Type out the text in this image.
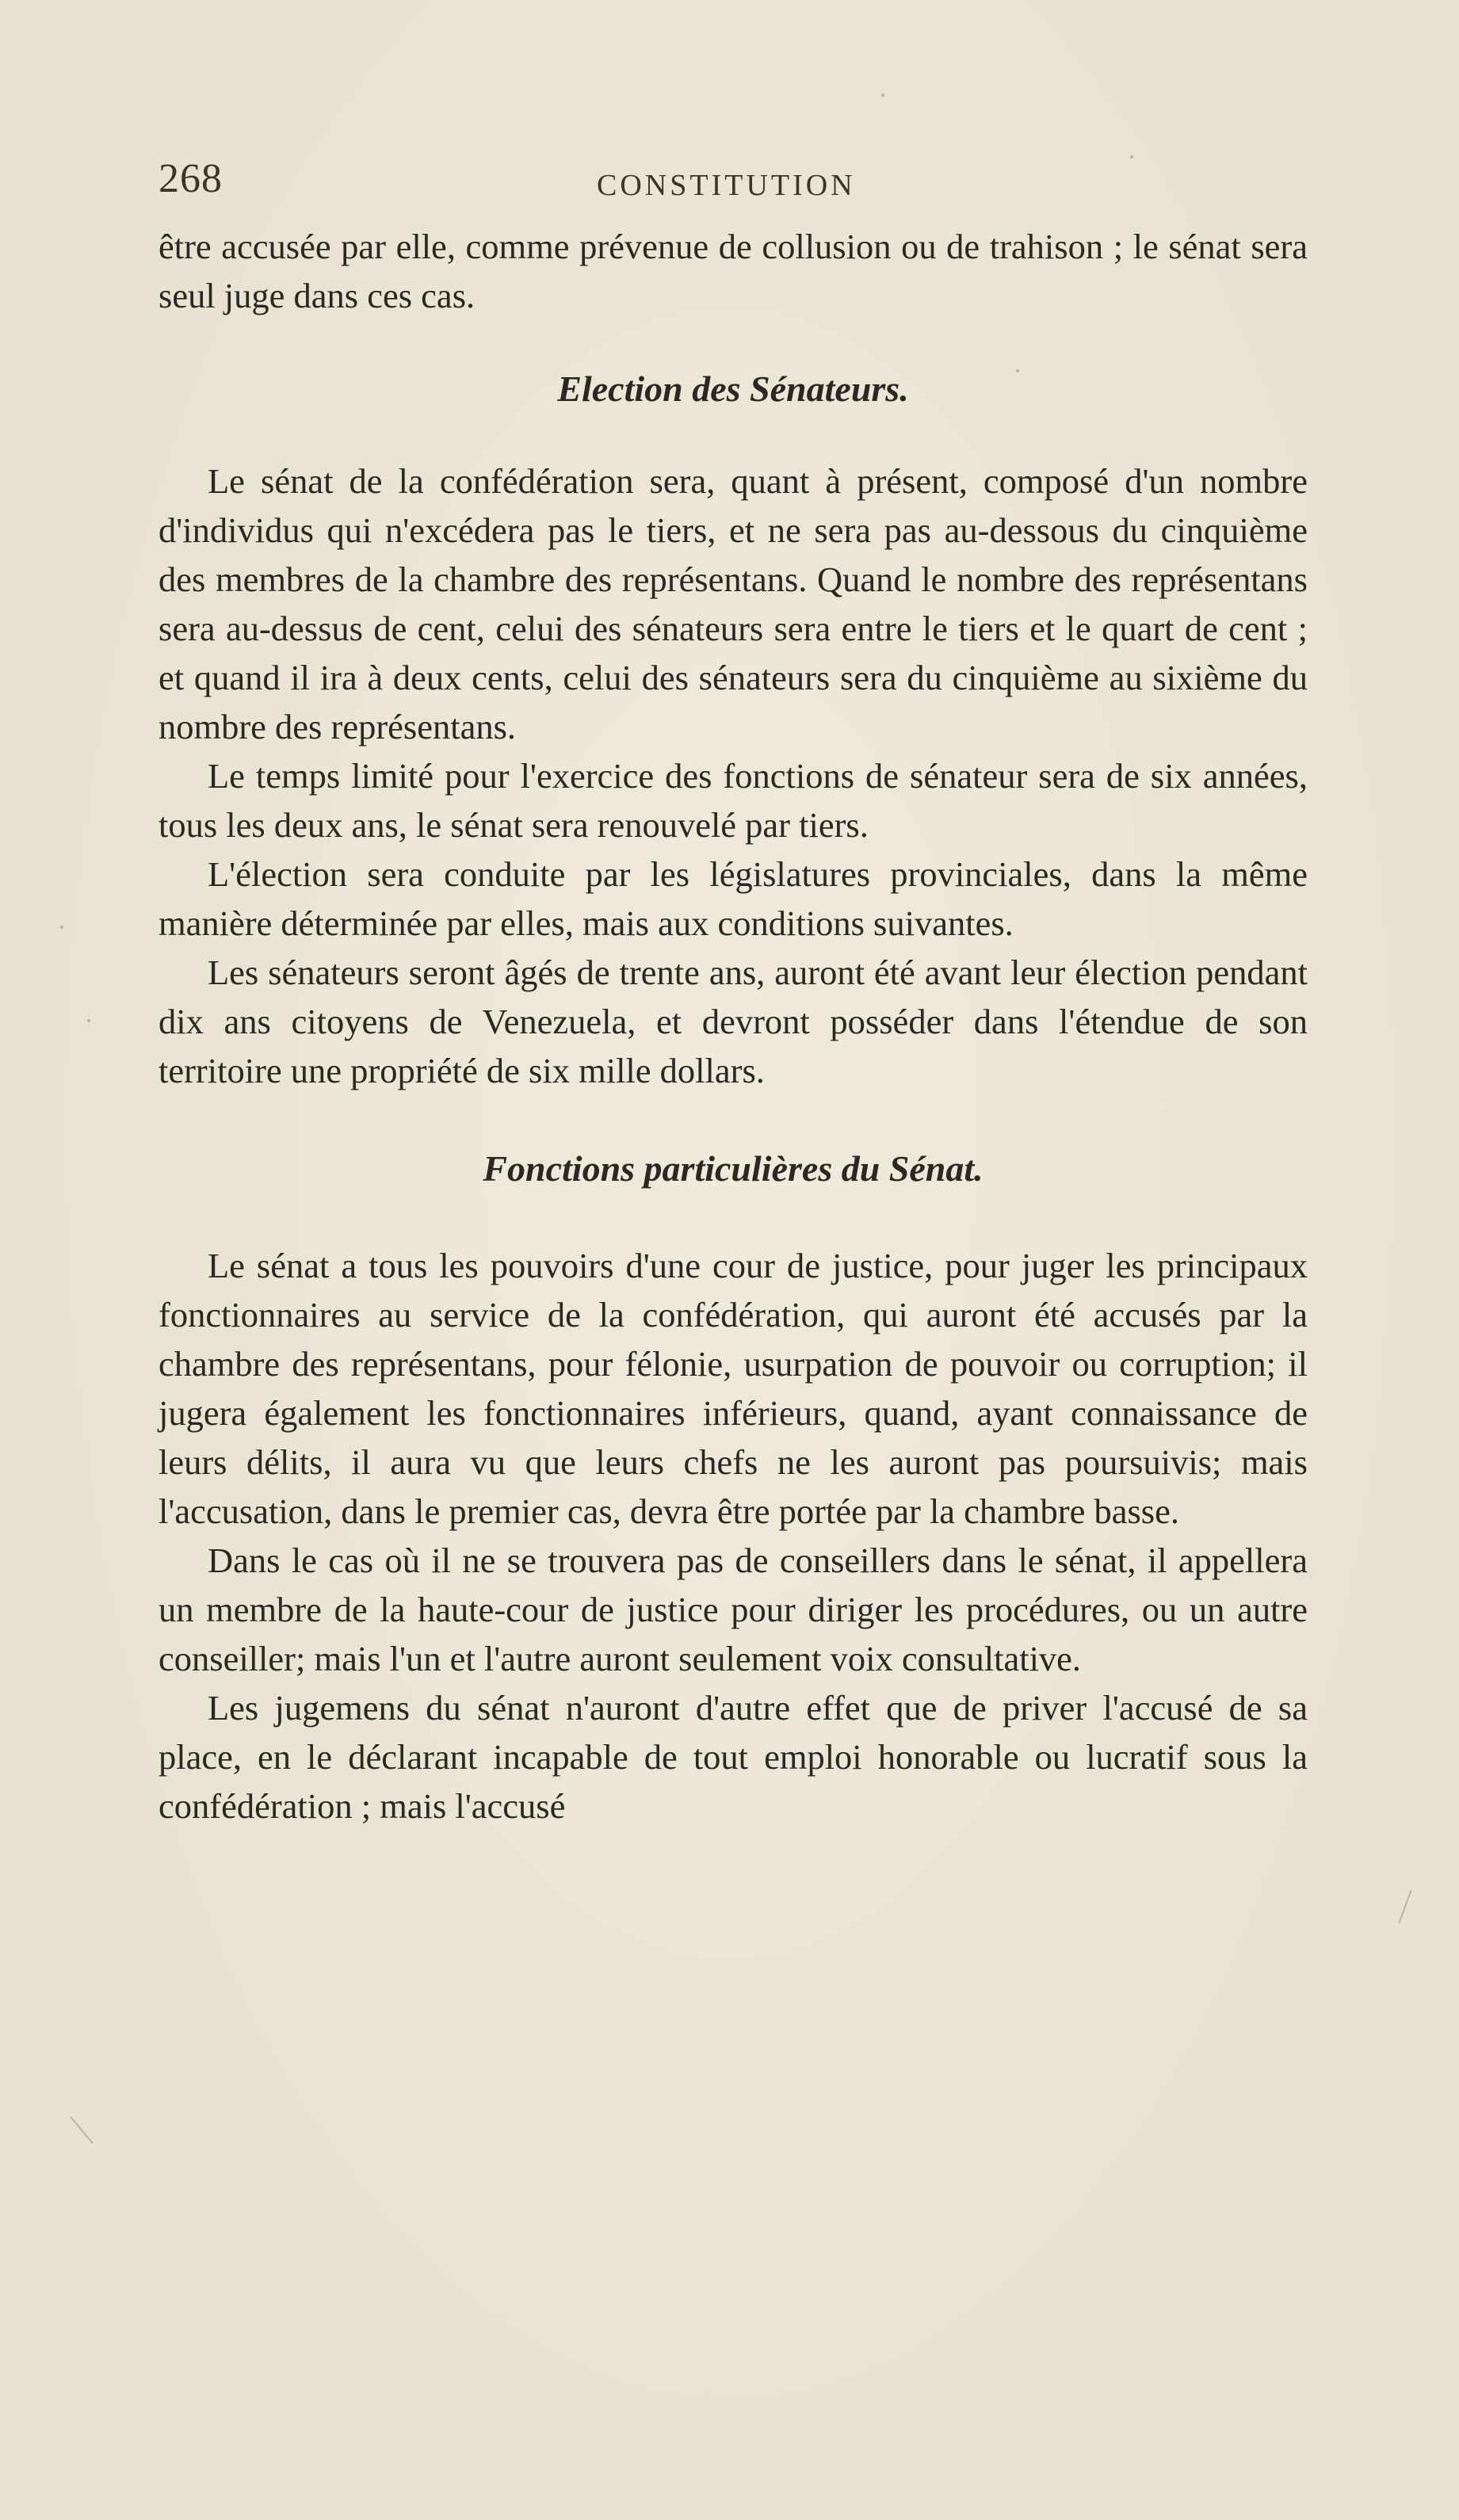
268	CONSTITUTION

être accusée par elle, comme prévenue de collusion ou de trahison ; le sénat sera seul juge dans ces cas.

Election des Sénateurs.

Le sénat de la confédération sera, quant à présent, composé d'un nombre d'individus qui n'excédera pas le tiers, et ne sera pas au-dessous du cinquième des membres de la chambre des représentans. Quand le nombre des représentans sera au-dessus de cent, celui des sénateurs sera entre le tiers et le quart de cent ; et quand il ira à deux cents, celui des sénateurs sera du cinquième au sixième du nombre des représentans.

Le temps limité pour l'exercice des fonctions de sénateur sera de six années, tous les deux ans, le sénat sera renouvelé par tiers.

L'élection sera conduite par les législatures provinciales, dans la même manière déterminée par elles, mais aux conditions suivantes.

Les sénateurs seront âgés de trente ans, auront été avant leur élection pendant dix ans citoyens de Venezuela, et devront posséder dans l'étendue de son territoire une propriété de six mille dollars.

Fonctions particulières du Sénat.

Le sénat a tous les pouvoirs d'une cour de justice, pour juger les principaux fonctionnaires au service de la confédération, qui auront été accusés par la chambre des représentans, pour félonie, usurpation de pouvoir ou corruption; il jugera également les fonctionnaires inférieurs, quand, ayant connaissance de leurs délits, il aura vu que leurs chefs ne les auront pas poursuivis; mais l'accusation, dans le premier cas, devra être portée par la chambre basse.

Dans le cas où il ne se trouvera pas de conseillers dans le sénat, il appellera un membre de la haute-cour de justice pour diriger les procédures, ou un autre conseiller; mais l'un et l'autre auront seulement voix consultative.

Les jugemens du sénat n'auront d'autre effet que de priver l'accusé de sa place, en le déclarant incapable de tout emploi honorable ou lucratif sous la confédération ; mais l'accusé
